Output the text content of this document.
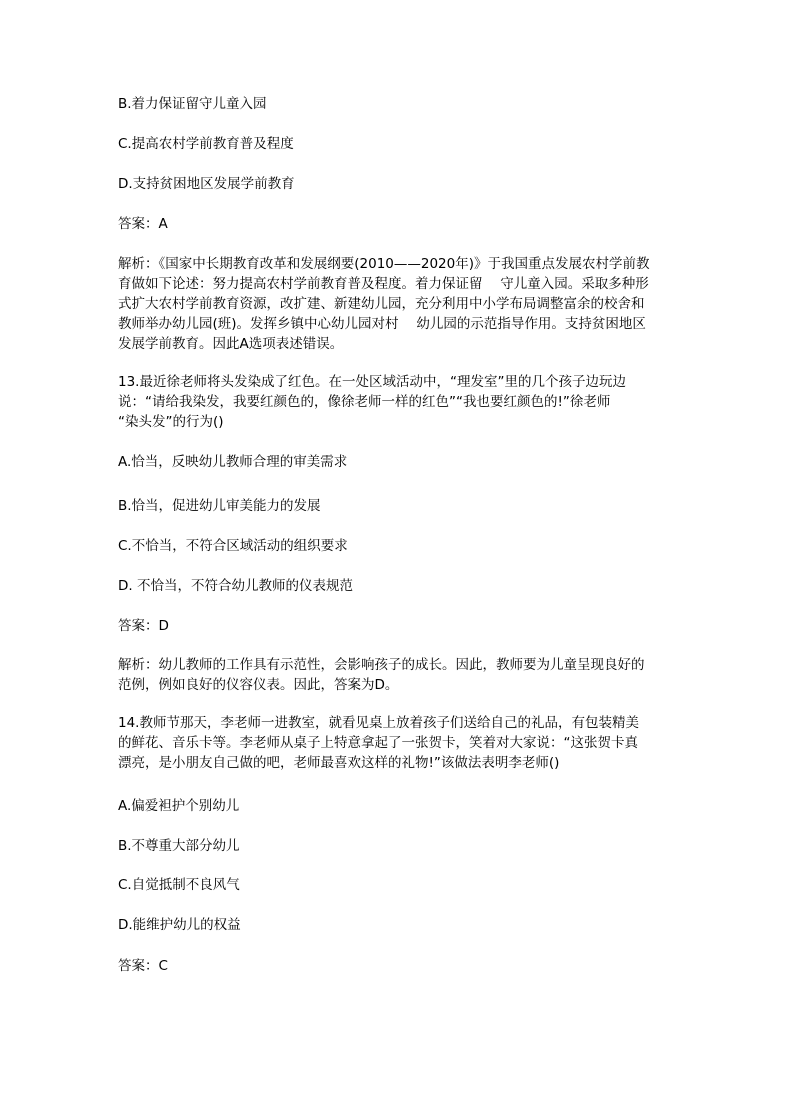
B.着力保证留守儿童入园

C.提高农村学前教育普及程度

D.支持贫困地区发展学前教育

答案：A

解析：《国家中长期教育改革和发展纲要(2010——2020年)》于我国重点发展农村学前教
育做如下论述：努力提高农村学前教育普及程度。着力保证留　 守儿童入园。采取多种形
式扩大农村学前教育资源，改扩建、新建幼儿园，充分利用中小学布局调整富余的校舍和
教师举办幼儿园(班)。发挥乡镇中心幼儿园对村　 幼儿园的示范指导作用。支持贫困地区
发展学前教育。因此A选项表述错误。

13.最近徐老师将头发染成了红色。在一处区域活动中，“理发室”里的几个孩子边玩边
说：“请给我染发，我要红颜色的，像徐老师一样的红色”“我也要红颜色的!”徐老师
“染头发”的行为()

A.恰当，反映幼儿教师合理的审美需求

B.恰当，促进幼儿审美能力的发展

C.不恰当，不符合区域活动的组织要求

D. 不恰当，不符合幼儿教师的仪表规范

答案：D

解析：幼儿教师的工作具有示范性，会影响孩子的成长。因此，教师要为儿童呈现良好的
范例，例如良好的仪容仪表。因此，答案为D。

14.教师节那天，李老师一进教室，就看见桌上放着孩子们送给自己的礼品，有包装精美
的鲜花、音乐卡等。李老师从桌子上特意拿起了一张贺卡，笑着对大家说：“这张贺卡真
漂亮，是小朋友自己做的吧，老师最喜欢这样的礼物!”该做法表明李老师()

A.偏爱袒护个别幼儿

B.不尊重大部分幼儿

C.自觉抵制不良风气

D.能维护幼儿的权益

答案：C
